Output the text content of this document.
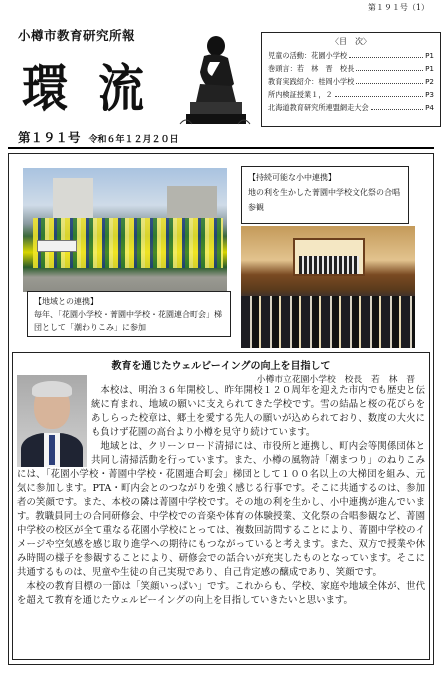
第１９１号（1）
小樽市教育研究所報
環流
第１９１号 令和６年１２月２０日
〈目　次〉
児童の活動：花園小学校	P1
巻頭言：若　林　晋　校長	P1
教育実践紹介：桂岡小学校	P2
所内検証授業１，２	P3
北海道教育研究所連盟網走大会	P4
【地域との連携】
毎年、「花園小学校・菁園中学校・花園連合町会」梯団として「潮わりこみ」に参加
【持続可能な小中連携】
地の利を生かした菁園中学校文化祭の合唱参観
教育を通じたウェルビーイングの向上を目指して
小樽市立花園小学校　校長　若　林　晋

本校は、明治３６年開校し、昨年開校１２０周年を迎えた市内でも歴史と伝統に育まれ、地域の願いに支えられてきた学校です。雪の結晶と桜の花びらをあしらった校章は、郷土を愛する先人の願いが込められており、数度の大火にも負けず花園の高台より小樽を見守り続けています。

地域とは、クリーンロード清掃には、市役所と連携し、町内会等関係団体と共同し清掃活動を行っています。また、小樽の風物詩「潮まつり」のねりこみには、「花園小学校・菁園中学校・花園連合町会」梯団として１００名以上の大梯団を組み、元気に参加します。PTA・町内会とのつながりを強く感じる行事です。そこに共通するのは、参加者の笑顔です。また、本校の隣は菁園中学校です。その地の利を生かし、小中連携が進んでいます。教職員同士の合同研修会、中学校での音楽や体育の体験授業、文化祭の合唱参観など、菁園中学校の校区が全て重なる花園小学校にとっては、複数回訪問することにより、菁園中学校のイメージや空気感を感じ取り進学への期待にもつながっていると考えます。また、双方で授業や休み時間の様子を参観することにより、研修会での話合いが充実したものとなっています。そこに共通するものは、児童や生徒の自己実現であり、自己肯定感の醸成であり、笑顔です。

本校の教育目標の一節は「笑顔いっぱい」です。これからも、学校、家庭や地域全体が、世代を超えて教育を通じたウェルビーイングの向上を目指していきたいと思います。
